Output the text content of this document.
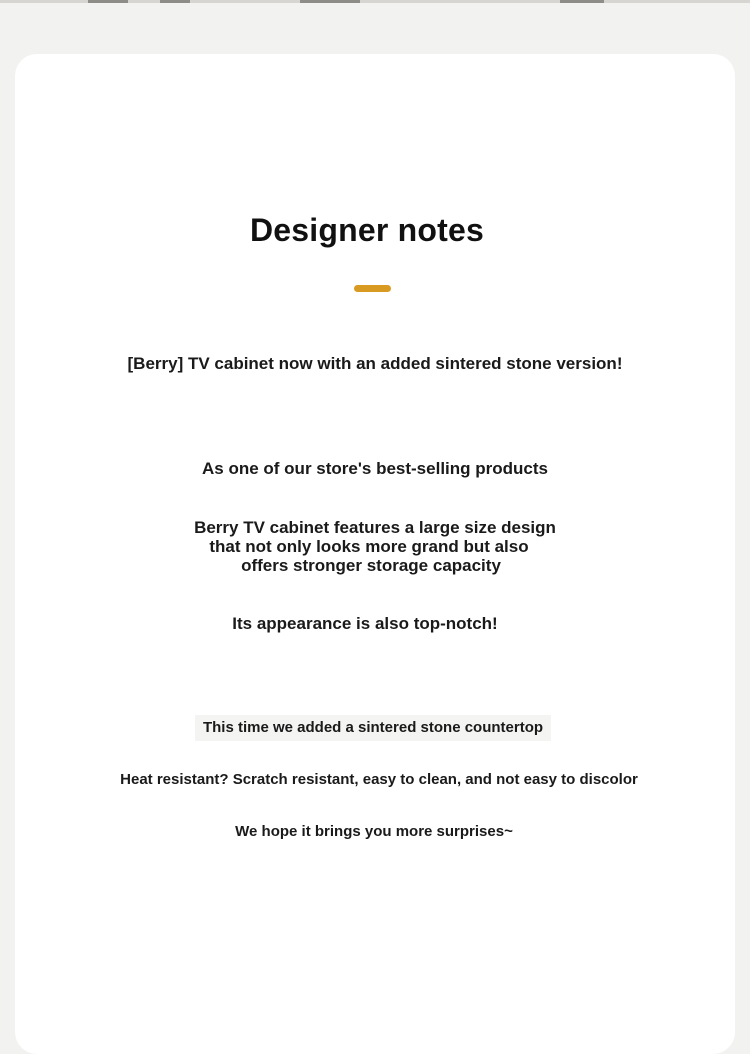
Designer notes

[Berry] TV cabinet now with an added sintered stone version!

As one of our store's best-selling products

Berry TV cabinet features a large size design

that not only looks more grand but also

offers stronger storage capacity

Its appearance is also top-notch!

This time we added a sintered stone countertop

Heat resistant? Scratch resistant, easy to clean, and not easy to discolor

We hope it brings you more surprises~
